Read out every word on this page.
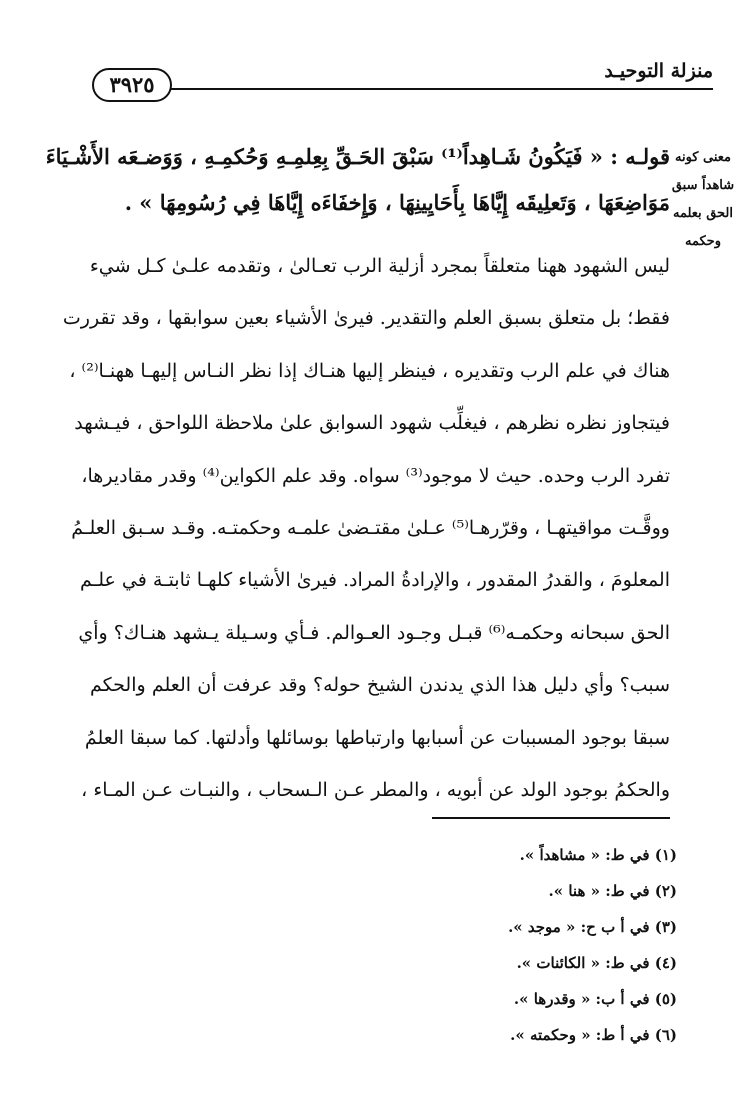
منزلة التوحيـد
٣٩٢٥
معنى كونه
شاهداً سبق
الحق بعلمه
وحكمه
قولـه : « فَيَكُونُ شَـاهِداً⁽¹⁾ سَبْقَ الحَـقِّ بِعِلمِـهِ وَحُكمِـهِ ، وَوَضـعَه الأَشْـيَاءَ
مَوَاضِعَهَا ، وَتَعلِيقَه إِيَّاهَا بِأَحَايِينِهَا ، وَإِخفَاءَه إِيَّاهَا فِي رُسُومِهَا » .
ليس الشهود ههنا متعلقاً بمجرد أزلية الرب تعـالىٰ ، وتقدمه علـىٰ كـل شيء
فقط؛ بل متعلق بسبق العلم والتقدير. فيرىٰ الأشياء بعين سوابقها ، وقد تقررت
هناك في علم الرب وتقديره ، فينظر إليها هنـاك إذا نظر النـاس إليهـا ههنـا⁽²⁾ ،
فيتجاوز نظره نظرهم ، فيغلِّب شهود السوابق علىٰ ملاحظة اللواحق ، فيـشهد
تفرد الرب وحده. حيث لا موجود⁽³⁾ سواه. وقد علم الكواين⁽⁴⁾ وقدر مقاديرها،
ووقَّـت مواقيتهـا ، وقرّرهـا⁽⁵⁾ عـلىٰ مقتـضىٰ علمـه وحكمتـه. وقـد سـبق العلـمُ
المعلومَ ، والقدرُ المقدور ، والإرادةُ المراد. فيرىٰ الأشياء كلهـا ثابتـة في علـم
الحق سبحانه وحكمـه⁽⁶⁾ قبـل وجـود العـوالم. فـأي وسـيلة يـشهد هنـاك؟ وأي
سبب؟ وأي دليل هذا الذي يدندن الشيخ حوله؟ وقد عرفت أن العلم والحكم
سبقا بوجود المسببات عن أسبابها وارتباطها بوسائلها وأدلتها. كما سبقا العلمُ
والحكمُ بوجود الولد عن أبويه ، والمطر عـن الـسحاب ، والنبـات عـن المـاء ،
(١) في ط: « مشاهداً ».
(٢) في ط: « هنا ».
(٣) في أ ب ح: « موجد ».
(٤) في ط: « الكائنات ».
(٥) في أ ب: « وقدرها ».
(٦) في أ ط: « وحكمته ».
